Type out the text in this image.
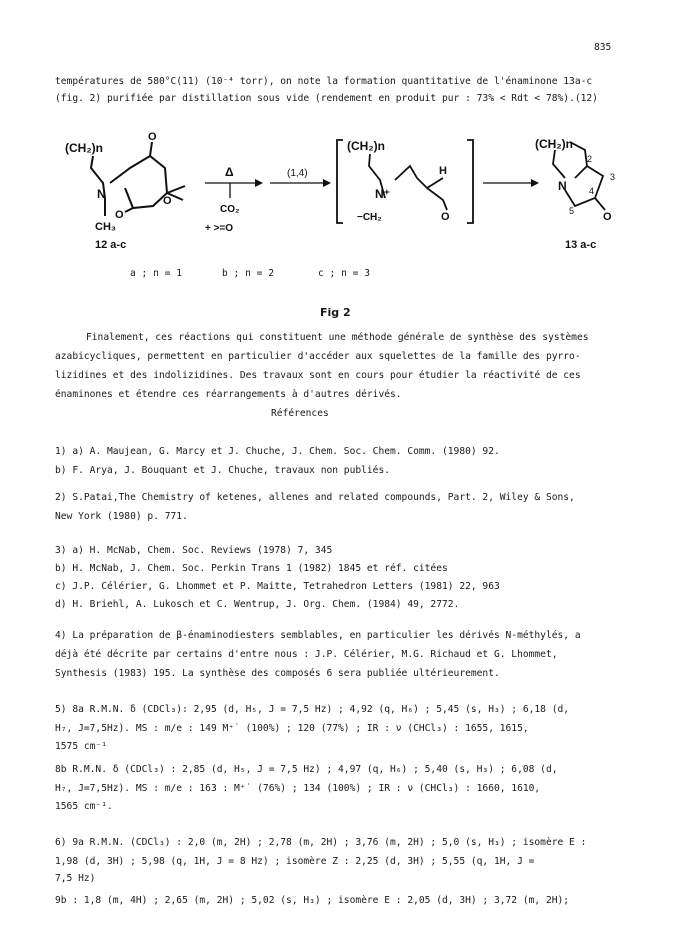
835
températures de 580°C(11) (10⁻⁴ torr), on note la formation quantitative de l'énaminone 13a-c
(fig. 2) purifiée par distillation sous vide (rendement en produit pur : 73% < Rdt < 78%).(12)
(CH₂)n
N
CH₃
O
O
O
12 a-c
Δ
CO₂
+ >=O
(1,4)
(CH₂)n
N⁺
−CH₂
H
O
(CH₂)n
N
O
2
3
4
5
13 a-c
a ; n = 1	b ; n = 2	c ; n = 3
Fig 2
Finalement, ces réactions qui constituent une méthode générale de synthèse des systèmes
azabicycliques, permettent en particulier d'accéder aux squelettes de la famille des pyrro-
lizidines et des indolizidines. Des travaux sont en cours pour étudier la réactivité de ces
énaminones et étendre ces réarrangements à d'autres dérivés.
Références
1) a) A. Maujean, G. Marcy et J. Chuche, J. Chem. Soc. Chem. Comm. (1980) 92.
b) F. Arya, J. Bouquant et J. Chuche, travaux non publiés.
2) S.Patai,The Chemistry of ketenes, allenes and related compounds, Part. 2, Wiley & Sons,
New York (1980) p. 771.
3) a) H. McNab, Chem. Soc. Reviews (1978) 7, 345
b) H. McNab, J. Chem. Soc. Perkin Trans 1 (1982) 1845 et réf. citées
c) J.P. Célérier, G. Lhommet et P. Maitte, Tetrahedron Letters (1981) 22, 963
d) H. Briehl, A. Lukosch et C. Wentrup, J. Org. Chem. (1984) 49, 2772.
4) La préparation de β-énaminodiesters semblables, en particulier les dérivés N-méthylés, a
déjà été décrite par certains d'entre nous : J.P. Célérier, M.G. Richaud et G. Lhommet,
Synthesis (1983) 195. La synthèse des composés 6 sera publiée ultérieurement.
5) 8a R.M.N. δ (CDCl₃): 2,95 (d, H₅, J = 7,5 Hz) ; 4,92 (q, H₆) ; 5,45 (s, H₃) ; 6,18 (d,
H₇, J=7,5Hz). MS : m/e : 149 M⁺˙ (100%) ; 120 (77%) ; IR : ν (CHCl₃) : 1655, 1615,
1575 cm⁻¹
8b R.M.N. δ (CDCl₃) : 2,85 (d, H₅, J = 7,5 Hz) ; 4,97 (q, H₆) ; 5,40 (s, H₃) ; 6,08 (d,
H₇, J=7,5Hz). MS : m/e : 163 : M⁺˙ (76%) ; 134 (100%) ; IR : ν (CHCl₃) : 1660, 1610,
1565 cm⁻¹.
6) 9a R.M.N. (CDCl₃) : 2,0 (m, 2H) ; 2,78 (m, 2H) ; 3,76 (m, 2H) ; 5,0 (s, H₃) ; isomère E :
1,98 (d, 3H) ; 5,98 (q, 1H, J = 8 Hz) ; isomère Z : 2,25 (d, 3H) ; 5,55 (q, 1H, J =
7,5 Hz)
9b : 1,8 (m, 4H) ; 2,65 (m, 2H) ; 5,02 (s, H₃) ; isomère E : 2,05 (d, 3H) ; 3,72 (m, 2H);
